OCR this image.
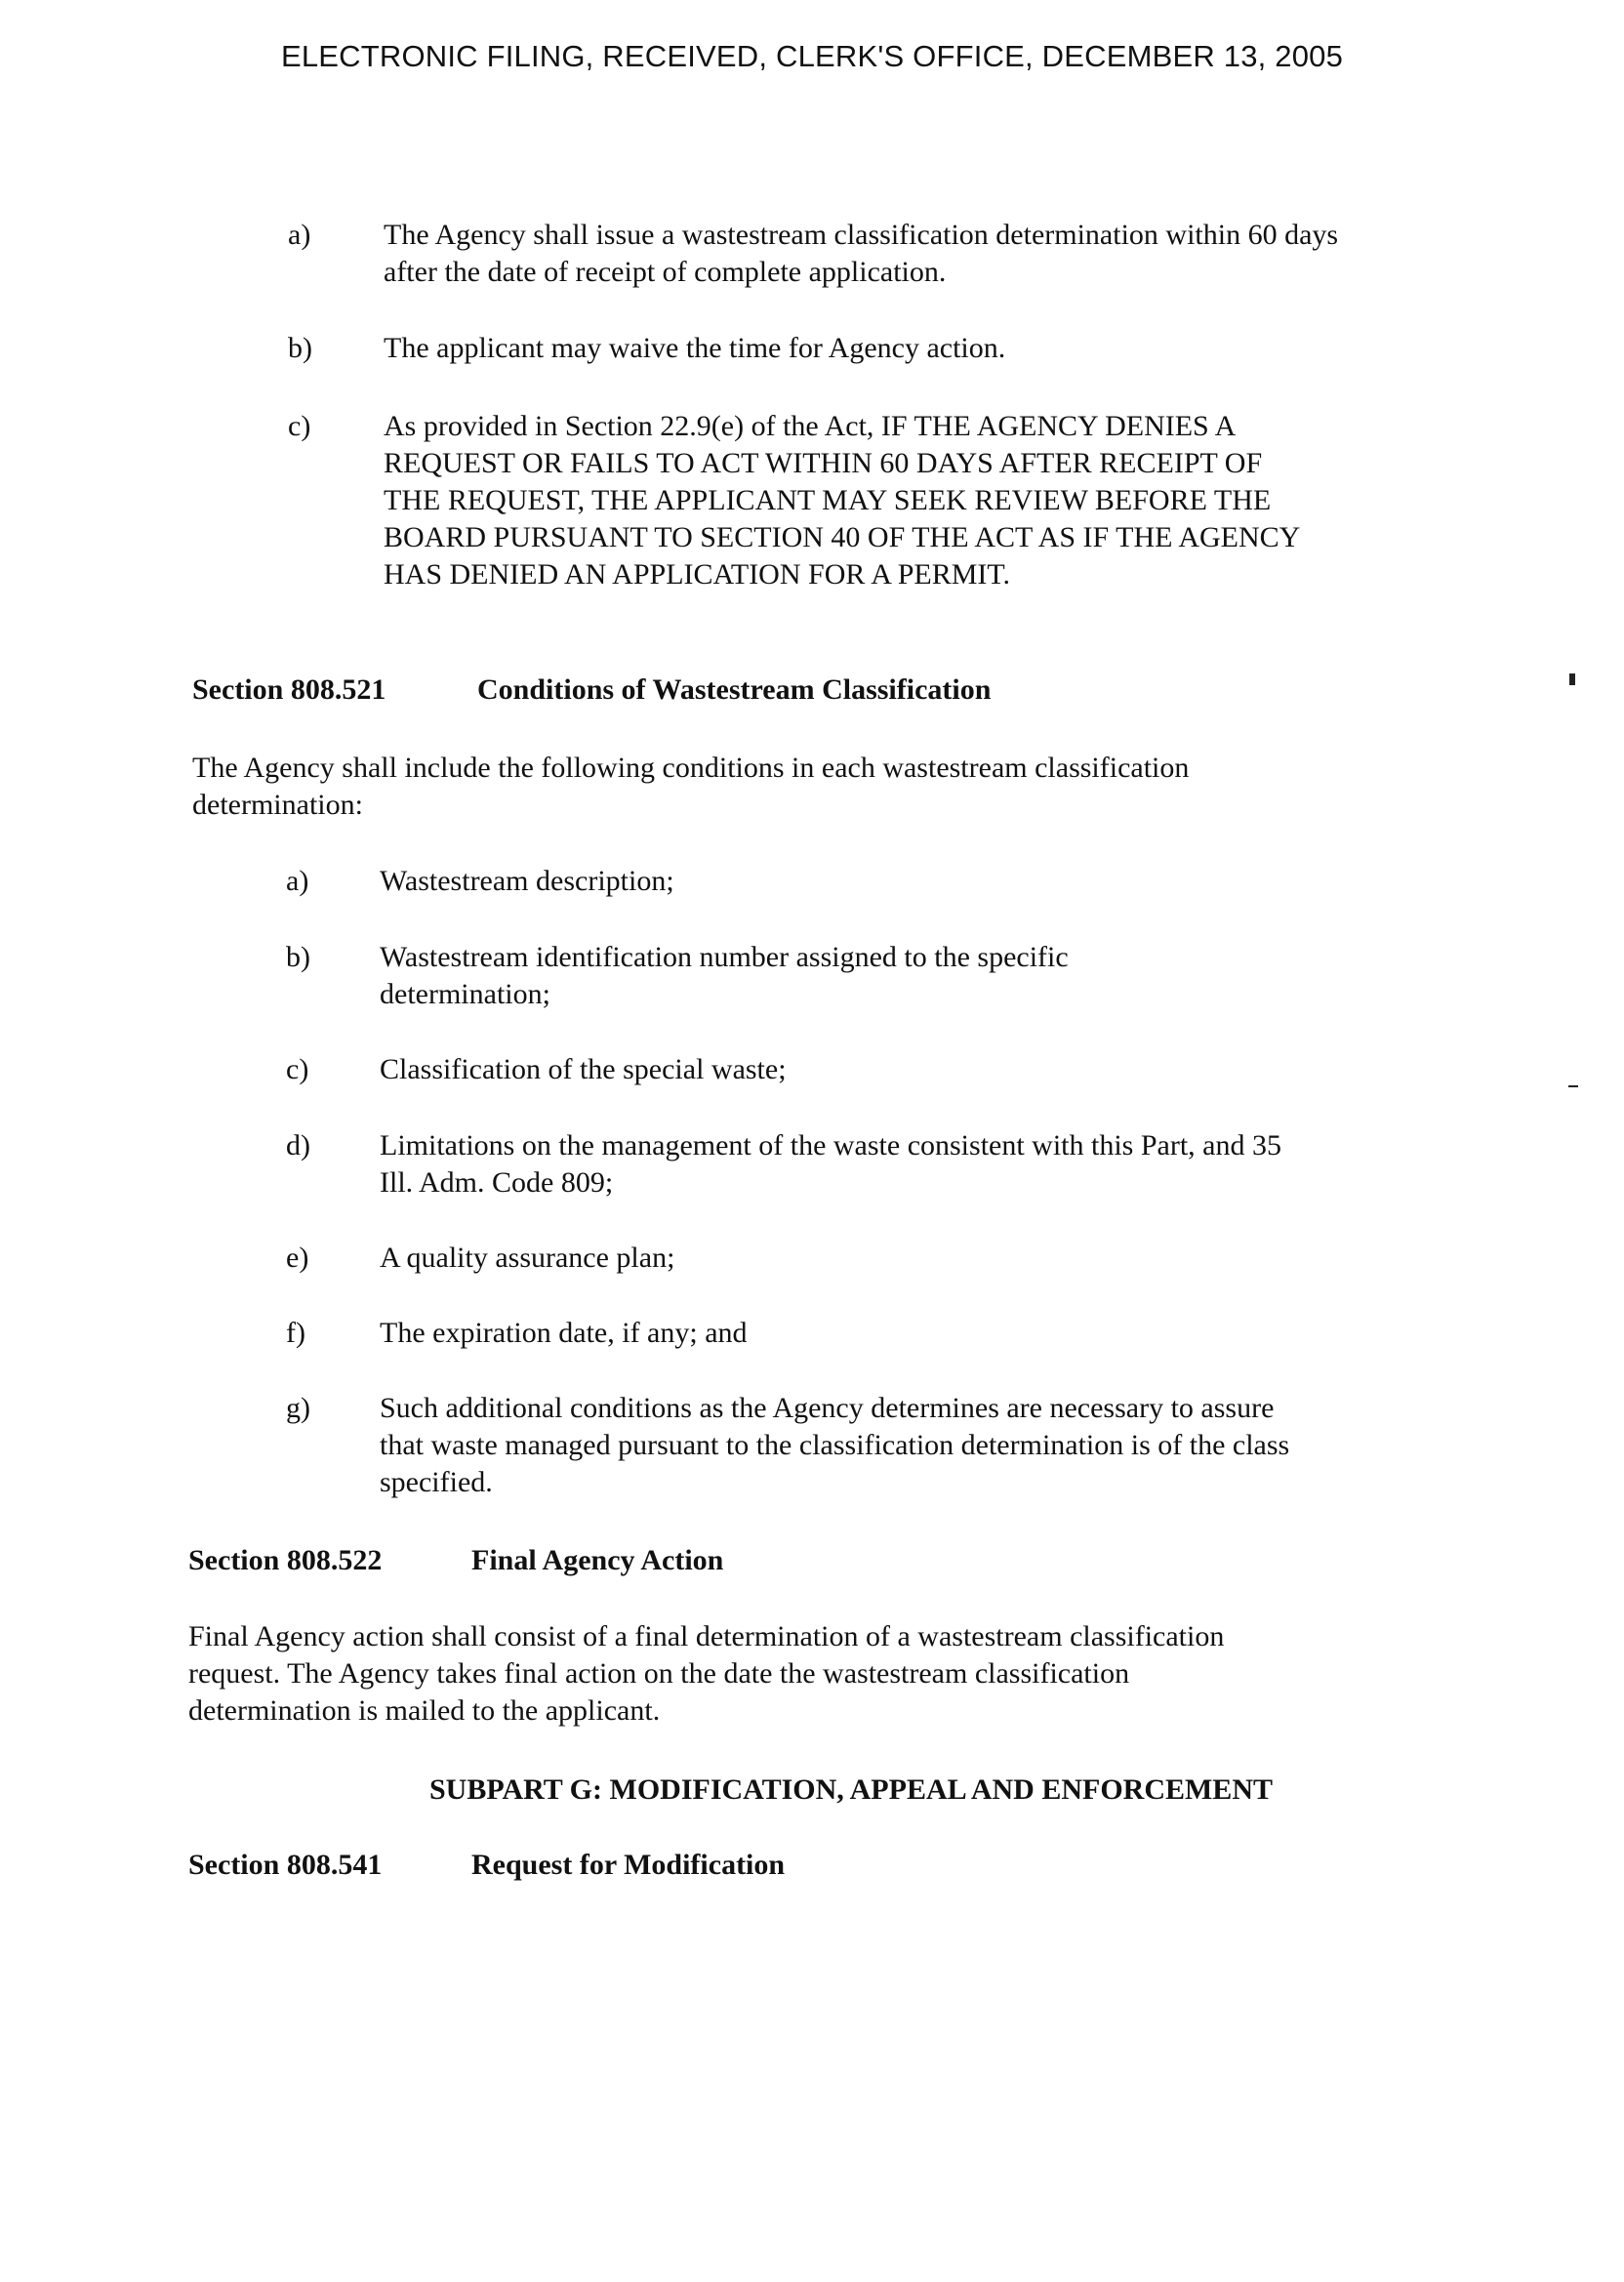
ELECTRONIC FILING, RECEIVED, CLERK'S OFFICE, DECEMBER 13, 2005
a) The Agency shall issue a wastestream classification determination within 60 days after the date of receipt of complete application.
b) The applicant may waive the time for Agency action.
c) As provided in Section 22.9(e) of the Act, IF THE AGENCY DENIES A REQUEST OR FAILS TO ACT WITHIN 60 DAYS AFTER RECEIPT OF THE REQUEST, THE APPLICANT MAY SEEK REVIEW BEFORE THE BOARD PURSUANT TO SECTION 40 OF THE ACT AS IF THE AGENCY HAS DENIED AN APPLICATION FOR A PERMIT.
Section 808.521	Conditions of Wastestream Classification
The Agency shall include the following conditions in each wastestream classification determination:
a) Wastestream description;
b) Wastestream identification number assigned to the specific determination;
c) Classification of the special waste;
d) Limitations on the management of the waste consistent with this Part, and 35 Ill. Adm. Code 809;
e) A quality assurance plan;
f)	The expiration date, if any; and
g) Such additional conditions as the Agency determines are necessary to assure that waste managed pursuant to the classification determination is of the class specified.
Section 808.522	Final Agency Action
Final Agency action shall consist of a final determination of a wastestream classification request. The Agency takes final action on the date the wastestream classification determination is mailed to the applicant.
SUBPART G: MODIFICATION, APPEAL AND ENFORCEMENT
Section 808.541	Request for Modification
